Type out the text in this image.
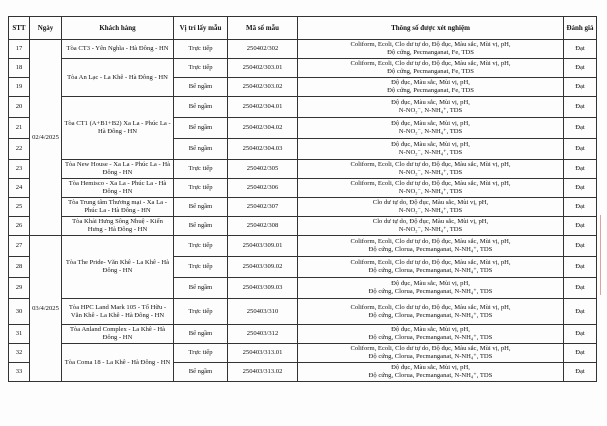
STT	Ngày	Khách hàng	Vị trí lấy mẫu	Mã số mẫu	Thông số được xét nghiệm	Đánh giá
17	02/4/2025	Tòa CT3 - Yên Nghĩa - Hà Đông - HN	Trực tiếp	250402/302	Coliform, Ecoli, Clo dư tự do, Độ đục, Màu sắc, Mùi vị, pH,
Độ cứng, Pecmanganat, Fe, TDS	Đạt
18		Tòa An Lạc - La Khê - Hà Đông - HN	Trực tiếp	250402/303.01	Coliform, Ecoli, Clo dư tự do, Độ đục, Màu sắc, Mùi vị, pH,
Độ cứng, Pecmanganat, Fe, TDS	Đạt
19			Bể ngầm	250402/303.02	Độ đục, Màu sắc, Mùi vị, pH,
Độ cứng, Pecmanganat, Fe, TDS	Đạt
20		Tòa CT1 (A+B1+B2) Xa La - Phúc La - Hà Đông - HN	Bể ngầm	250402/304.01	Độ đục, Màu sắc, Mùi vị, pH,
N-NO₂⁻, N-NH₄⁺, TDS	Đạt
21			Bể ngầm	250402/304.02	Độ đục, Màu sắc, Mùi vị, pH,
N-NO₂⁻, N-NH₄⁺, TDS	Đạt
22			Bể ngầm	250402/304.03	Độ đục, Màu sắc, Mùi vị, pH,
N-NO₂⁻, N-NH₄⁺, TDS	Đạt
23		Tòa New House - Xa La - Phúc La - Hà Đông - HN	Trực tiếp	250402/305	Coliform, Ecoli, Clo dư tự do, Độ đục, Màu sắc, Mùi vị, pH,
N-NO₂⁻, N-NH₄⁺, TDS	Đạt
24		Tòa Hemisco - Xa La - Phúc La - Hà Đông - HN	Trực tiếp	250402/306	Coliform, Ecoli, Clo dư tự do, Độ đục, Màu sắc, Mùi vị, pH,
N-NO₂⁻, N-NH₄⁺, TDS	Đạt
25		Tòa Trung tâm Thương mại - Xa La - Phúc La - Hà Đông - HN	Bể ngầm	250402/307	Clo dư tự do, Độ đục, Màu sắc, Mùi vị, pH,
N-NO₂⁻, N-NH₄⁺, TDS	Đạt
26		Tòa Khải Hưng Sông Nhuệ - Kiến Hưng - Hà Đông - HN	Bể ngầm	250402/308	Clo dư tự do, Độ đục, Màu sắc, Mùi vị, pH,
N-NO₂⁻, N-NH₄⁺, TDS	Đạt
27	03/4/2025	Tòa The Pride- Văn Khê - La Khê - Hà Đông - HN	Trực tiếp	250403/309.01	Coliform, Ecoli, Clo dư tự do, Độ đục, Màu sắc, Mùi vị, pH,
Độ cứng, Clorua, Pecmanganat, N-NH₄⁺, TDS	Đạt
28			Trực tiếp	250403/309.02	Coliform, Ecoli, Clo dư tự do, Độ đục, Màu sắc, Mùi vị, pH,
Độ cứng, Clorua, Pecmanganat, N-NH₄⁺, TDS	Đạt
29			Bể ngầm	250403/309.03	Độ đục, Màu sắc, Mùi vị, pH,
Độ cứng, Clorua, Pecmanganat, N-NH₄⁺, TDS	Đạt
30		Tòa HPC Land Mark 105 - Tố Hữu - Văn Khê - La Khê - Hà Đông - HN	Trực tiếp	250403/310	Coliform, Ecoli, Clo dư tự do, Độ đục, Màu sắc, Mùi vị, pH,
Độ cứng, Clorua, Pecmanganat, N-NH₄⁺, TDS	Đạt
31		Tòa Anland Complex - La Khê - Hà Đông - HN	Bể ngầm	250403/312	Độ đục, Màu sắc, Mùi vị, pH,
Độ cứng, Clorua, Pecmanganat, N-NH₄⁺, TDS	Đạt
32		Tòa Coma 18 - La Khê - Hà Đông - HN	Trực tiếp	250403/313.01	Coliform, Ecoli, Clo dư tự do, Độ đục, Màu sắc, Mùi vị, pH,
Độ cứng, Clorua, Pecmanganat, N-NH₄⁺, TDS	Đạt
33			Bể ngầm	250403/313.02	Độ đục, Màu sắc, Mùi vị, pH,
Độ cứng, Clorua, Pecmanganat, N-NH₄⁺, TDS	Đạt
